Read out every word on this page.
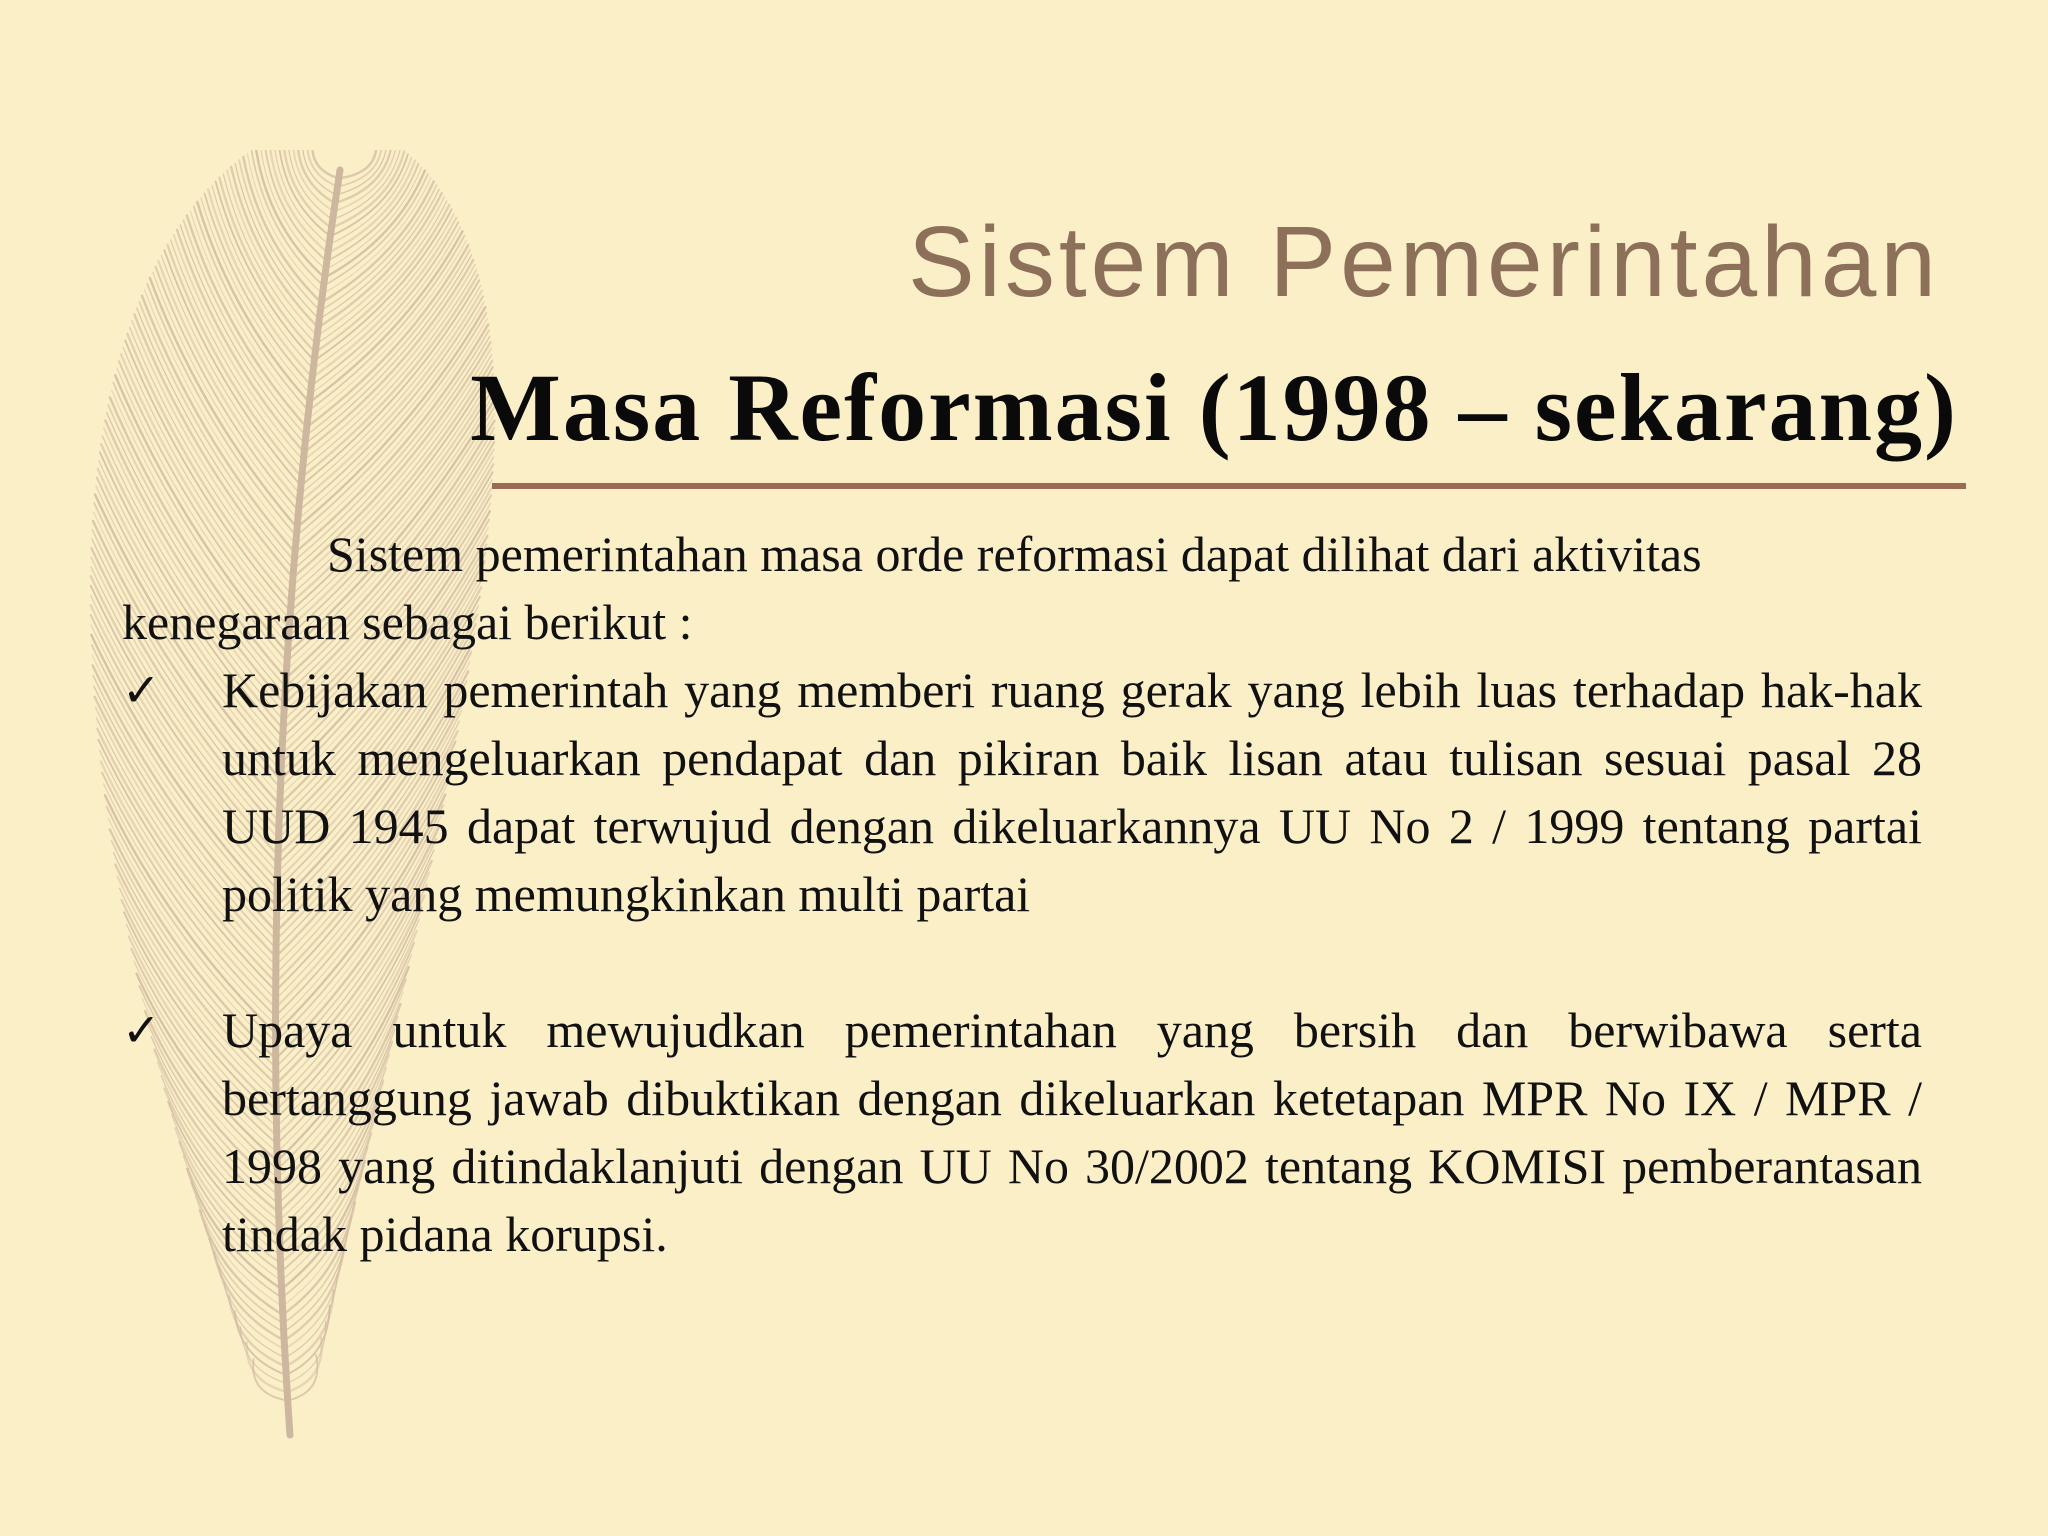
Sistem Pemerintahan
Masa Reformasi (1998 – sekarang)

Sistem pemerintahan masa orde reformasi dapat dilihat dari aktivitas kenegaraan sebagai berikut :

✓	Kebijakan pemerintah yang memberi ruang gerak yang lebih luas terhadap hak-hak untuk mengeluarkan pendapat dan pikiran baik lisan atau tulisan sesuai pasal 28 UUD 1945 dapat terwujud dengan dikeluarkannya UU No 2 / 1999 tentang partai politik yang memungkinkan multi partai
✓	Upaya untuk mewujudkan pemerintahan yang bersih dan berwibawa serta bertanggung jawab dibuktikan dengan dikeluarkan ketetapan MPR No IX / MPR / 1998 yang ditindaklanjuti dengan UU No 30/2002 tentang KOMISI pemberantasan tindak pidana korupsi.
